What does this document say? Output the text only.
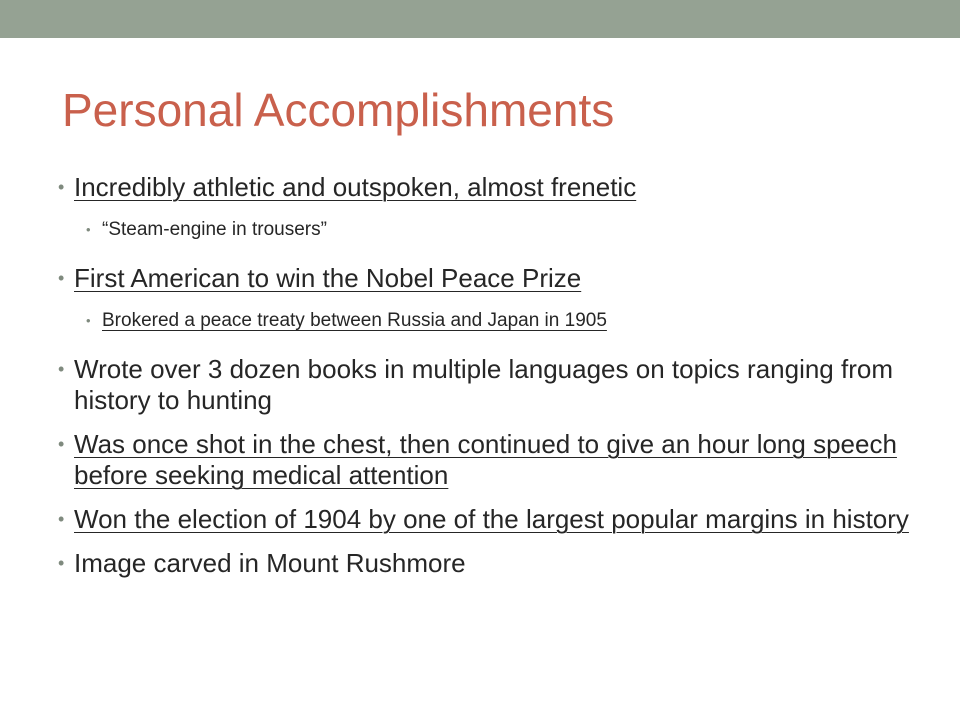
Personal Accomplishments
• Incredibly athletic and outspoken, almost frenetic
• “Steam-engine in trousers”
• First American to win the Nobel Peace Prize
• Brokered a peace treaty between Russia and Japan in 1905
• Wrote over 3 dozen books in multiple languages on topics ranging from history to hunting
• Was once shot in the chest, then continued to give an hour long speech before seeking medical attention
• Won the election of 1904 by one of the largest popular margins in history
• Image carved in Mount Rushmore
